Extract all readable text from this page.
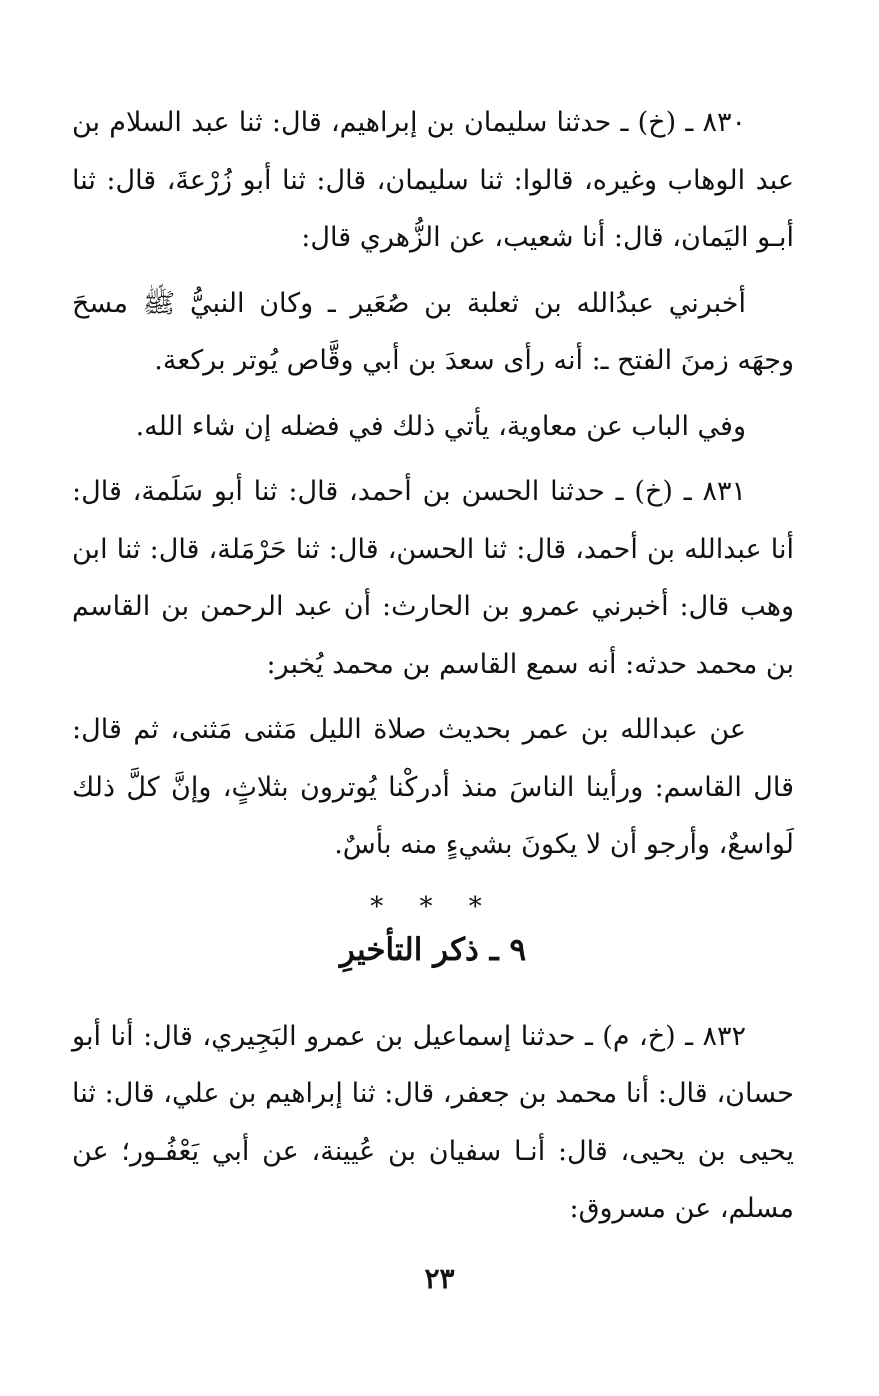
٨٣٠ ـ (خ) ـ حدثنا سليمان بن إبراهيم، قال: ثنا عبد السلام بن عبد الوهاب وغيره، قالوا: ثنا سليمان، قال: ثنا أبو زُرْعةَ، قال: ثنا أبـو اليَمان، قال: أنا شعيب، عن الزُّهري قال:

أخبرني عبدُالله بن ثعلبة بن صُعَير ـ وكان النبيُّ ﷺ مسحَ وجهَه زمنَ الفتح ـ: أنه رأى سعدَ بن أبي وقَّاص يُوتر بركعة.

وفي الباب عن معاوية، يأتي ذلك في فضله إن شاء الله.

٨٣١ ـ (خ) ـ حدثنا الحسن بن أحمد، قال: ثنا أبو سَلَمة، قال: أنا عبدالله بن أحمد، قال: ثنا الحسن، قال: ثنا حَرْمَلة، قال: ثنا ابن وهب قال: أخبرني عمرو بن الحارث: أن عبد الرحمن بن القاسم بن محمد حدثه: أنه سمع القاسم بن محمد يُخبر:

عن عبدالله بن عمر بحديث صلاة الليل مَثنى مَثنى، ثم قال: قال القاسم: ورأينا الناسَ منذ أدركْنا يُوترون بثلاثٍ، وإنَّ كلَّ ذلك لَواسعٌ، وأرجو أن لا يكونَ بشيءٍ منه بأسٌ.

* * *
٩ ـ ذكر التأخيرِ

٨٣٢ ـ (خ، م) ـ حدثنا إسماعيل بن عمرو البَجِيري، قال: أنا أبو حسان، قال: أنا محمد بن جعفر، قال: ثنا إبراهيم بن علي، قال: ثنا يحيى بن يحيى، قال: أنـا سفيان بن عُيينة، عن أبي يَعْفُـور؛ عن مسلم، عن مسروق:

٢٣
